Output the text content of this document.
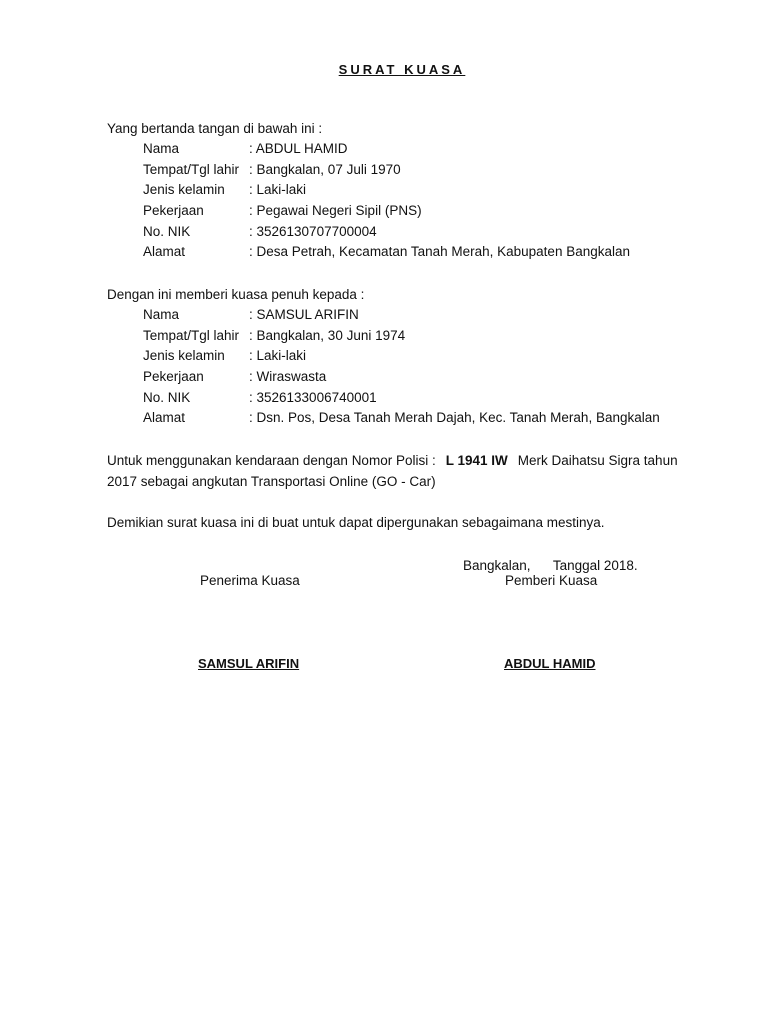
SURAT KUASA
Yang bertanda tangan di bawah ini :
Nama	: ABDUL HAMID
Tempat/Tgl lahir : Bangkalan, 07 Juli 1970
Jenis kelamin : Laki-laki
Pekerjaan	: Pegawai Negeri Sipil (PNS)
No. NIK	: 3526130707700004
Alamat	: Desa Petrah, Kecamatan Tanah Merah, Kabupaten Bangkalan
Dengan ini memberi kuasa penuh kepada :
Nama	: SAMSUL ARIFIN
Tempat/Tgl lahir : Bangkalan, 30 Juni 1974
Jenis kelamin : Laki-laki
Pekerjaan	: Wiraswasta
No. NIK	: 3526133006740001
Alamat	: Dsn. Pos, Desa Tanah Merah Dajah, Kec. Tanah Merah, Bangkalan
Untuk menggunakan kendaraan dengan Nomor Polisi : L 1941 IW Merk Daihatsu Sigra tahun 2017 sebagai angkutan Transportasi Online (GO - Car)
Demikian surat kuasa ini di buat untuk dapat dipergunakan sebagaimana mestinya.
Bangkalan,      Tanggal 2018.
Penerima Kuasa	Pemberi Kuasa
SAMSUL ARIFIN	ABDUL HAMID
